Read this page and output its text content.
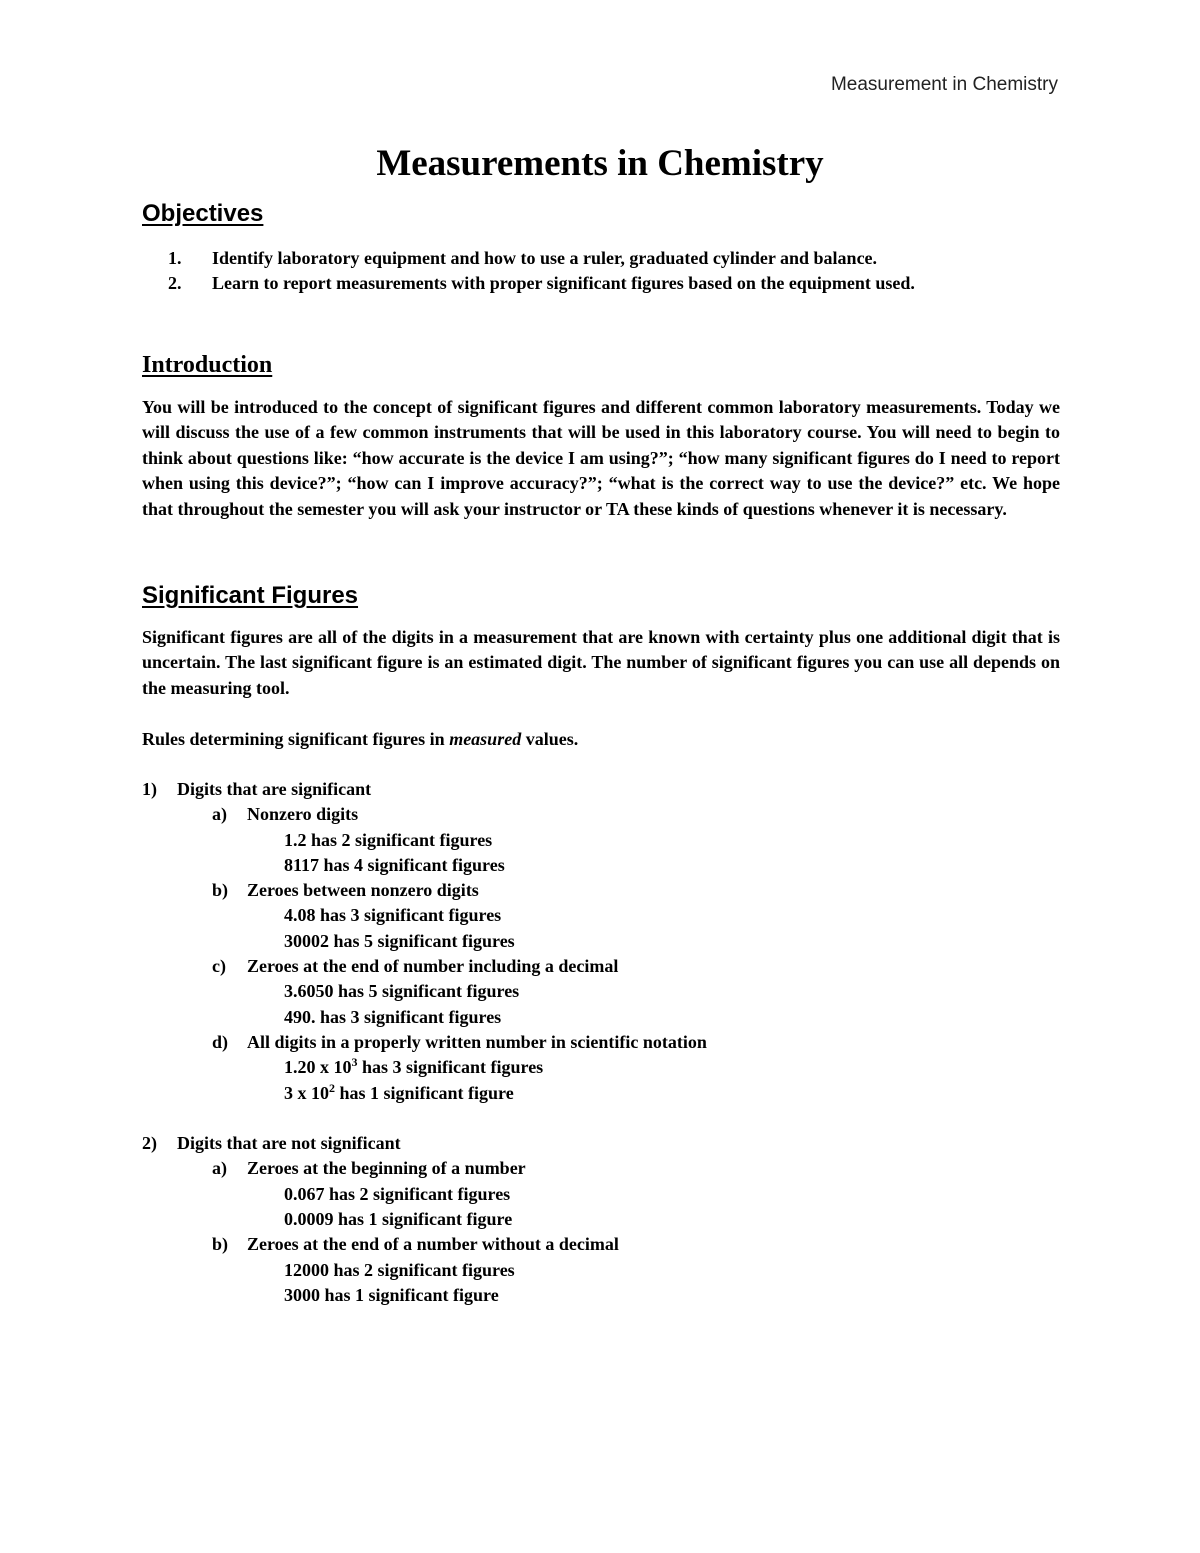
Measurement in Chemistry
Measurements in Chemistry
Objectives
1. Identify laboratory equipment and how to use a ruler, graduated cylinder and balance.
2. Learn to report measurements with proper significant figures based on the equipment used.
Introduction

You will be introduced to the concept of significant figures and different common laboratory measurements. Today we will discuss the use of a few common instruments that will be used in this laboratory course. You will need to begin to think about questions like: “how accurate is the device I am using?”; “how many significant figures do I need to report when using this device?”; “how can I improve accuracy?”; “what is the correct way to use the device?” etc. We hope that throughout the semester you will ask your instructor or TA these kinds of questions whenever it is necessary.

Significant Figures

Significant figures are all of the digits in a measurement that are known with certainty plus one additional digit that is uncertain. The last significant figure is an estimated digit. The number of significant figures you can use all depends on the measuring tool.

Rules determining significant figures in measured values.

1) Digits that are significant
a) Nonzero digits
1.2 has 2 significant figures
8117 has 4 significant figures
b) Zeroes between nonzero digits
4.08 has 3 significant figures
30002 has 5 significant figures
c) Zeroes at the end of number including a decimal
3.6050 has 5 significant figures
490. has 3 significant figures
d) All digits in a properly written number in scientific notation
1.20 x $10^3$ has 3 significant figures
3 x $10^2$ has 1 significant figure
2) Digits that are not significant
a) Zeroes at the beginning of a number
0.067 has 2 significant figures
0.0009 has 1 significant figure
b) Zeroes at the end of a number without a decimal
12000 has 2 significant figures
3000 has 1 significant figure
